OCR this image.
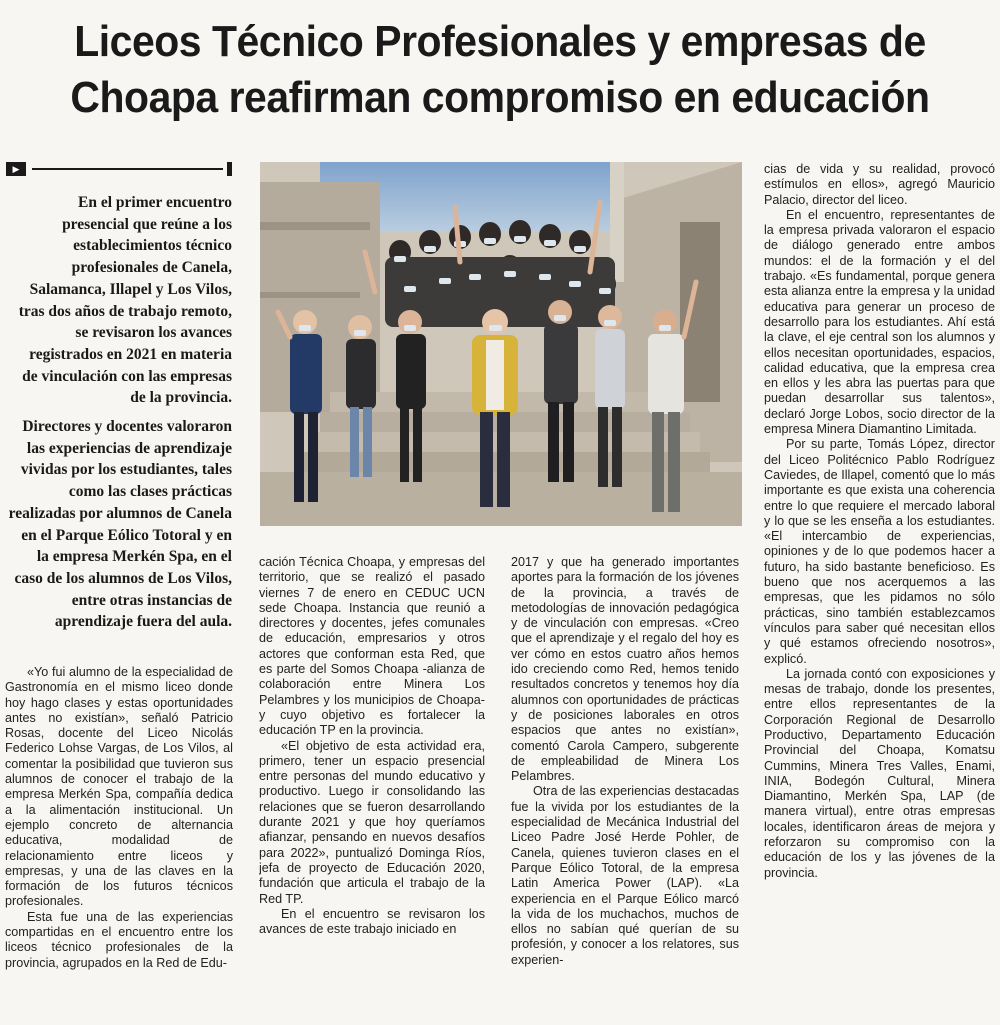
Liceos Técnico Profesionales y empresas de Choapa reafirman compromiso en educación
▶

En el primer encuentro presencial que reúne a los establecimientos técnico profesionales de Canela, Salamanca, Illapel y Los Vilos, tras dos años de trabajo remoto, se revisaron los avances registrados en 2021 en materia de vinculación con las empresas de la provincia.

Directores y docentes valoraron las experiencias de aprendizaje vividas por los estudiantes, tales como las clases prácticas realizadas por alumnos de Canela en el Parque Eólico Totoral y en la empresa Merkén Spa, en el caso de los alumnos de Los Vilos, entre otras instancias de aprendizaje fuera del aula.

«Yo fui alumno de la especialidad de Gastronomía en el mismo liceo donde hoy hago clases y estas oportunidades antes no existían», señaló Patricio Rosas, docente del Liceo Nicolás Federico Lohse Vargas, de Los Vilos, al comentar la posibilidad que tuvieron sus alumnos de conocer el trabajo de la empresa Merkén Spa, compañía dedica a la alimentación institucional. Un ejemplo concreto de alternancia educativa, modalidad de relacionamiento entre liceos y empresas, y una de las claves en la formación de los futuros técnicos profesionales.

Esta fue una de las experiencias compartidas en el encuentro entre los liceos técnico profesionales de la provincia, agrupados en la Red de Edu-

cación Técnica Choapa, y empresas del territorio, que se realizó el pasado viernes 7 de enero en CEDUC UCN sede Choapa. Instancia que reunió a directores y docentes, jefes comunales de educación, empresarios y otros actores que conforman esta Red, que es parte del Somos Choapa -alianza de colaboración entre Minera Los Pelambres y los municipios de Choapa- y cuyo objetivo es fortalecer la educación TP en la provincia.

«El objetivo de esta actividad era, primero, tener un espacio presencial entre personas del mundo educativo y productivo. Luego ir consolidando las relaciones que se fueron desarrollando durante 2021 y que hoy queríamos afianzar, pensando en nuevos desafíos para 2022», puntualizó Dominga Ríos, jefa de proyecto de Educación 2020, fundación que articula el trabajo de la Red TP.

En el encuentro se revisaron los avances de este trabajo iniciado en

2017 y que ha generado importantes aportes para la formación de los jóvenes de la provincia, a través de metodologías de innovación pedagógica y de vinculación con empresas. «Creo que el aprendizaje y el regalo del hoy es ver cómo en estos cuatro años hemos ido creciendo como Red, hemos tenido resultados concretos y tenemos hoy día alumnos con oportunidades de prácticas y de posiciones laborales en otros espacios que antes no existían», comentó Carola Campero, subgerente de empleabilidad de Minera Los Pelambres.

Otra de las experiencias destacadas fue la vivida por los estudiantes de la especialidad de Mecánica Industrial del Liceo Padre José Herde Pohler, de Canela, quienes tuvieron clases en el Parque Eólico Totoral, de la empresa Latin America Power (LAP). «La experiencia en el Parque Eólico marcó la vida de los muchachos, muchos de ellos no sabían qué querían de su profesión, y conocer a los relatores, sus experien-

cias de vida y su realidad, provocó estímulos en ellos», agregó Mauricio Palacio, director del liceo.

En el encuentro, representantes de la empresa privada valoraron el espacio de diálogo generado entre ambos mundos: el de la formación y el del trabajo. «Es fundamental, porque genera esta alianza entre la empresa y la unidad educativa para generar un proceso de desarrollo para los estudiantes. Ahí está la clave, el eje central son los alumnos y ellos necesitan oportunidades, espacios, calidad educativa, que la empresa crea en ellos y les abra las puertas para que puedan desarrollar sus talentos», declaró Jorge Lobos, socio director de la empresa Minera Diamantino Limitada.

Por su parte, Tomás López, director del Liceo Politécnico Pablo Rodríguez Caviedes, de Illapel, comentó que lo más importante es que exista una coherencia entre lo que requiere el mercado laboral y lo que se les enseña a los estudiantes. «El intercambio de experiencias, opiniones y de lo que podemos hacer a futuro, ha sido bastante beneficioso. Es bueno que nos acerquemos a las empresas, que les pidamos no sólo prácticas, sino también establezcamos vínculos para saber qué necesitan ellos y qué estamos ofreciendo nosotros», explicó.

La jornada contó con exposiciones y mesas de trabajo, donde los presentes, entre ellos representantes de la Corporación Regional de Desarrollo Productivo, Departamento Educación Provincial del Choapa, Komatsu Cummins, Minera Tres Valles, Enami, INIA, Bodegón Cultural, Minera Diamantino, Merkén Spa, LAP (de manera virtual), entre otras empresas locales, identificaron áreas de mejora y reforzaron su compromiso con la educación de los y las jóvenes de la provincia.
